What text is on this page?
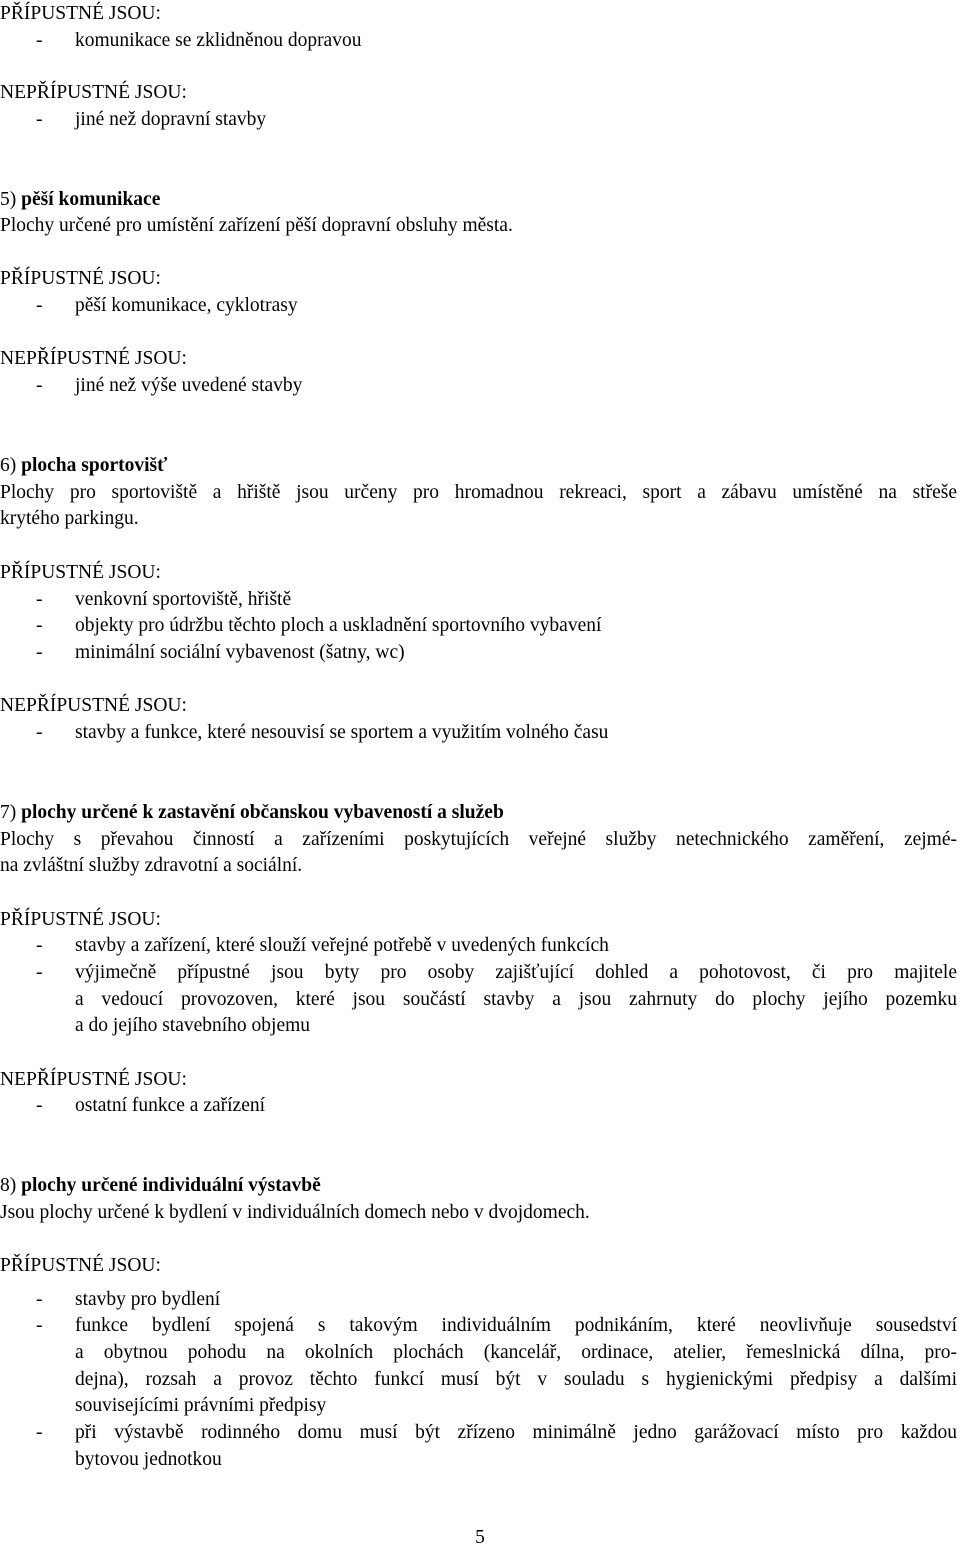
PŘÍPUSTNÉ JSOU:
- komunikace se zklidněnou dopravou
NEPŘÍPUSTNÉ JSOU:
- jiné než dopravní stavby
5) pěší komunikace
Plochy určené pro umístění zařízení pěší dopravní obsluhy města.
PŘÍPUSTNÉ JSOU:
- pěší komunikace, cyklotrasy
NEPŘÍPUSTNÉ JSOU:
- jiné než výše uvedené stavby
6) plocha sportovišť
Plochy pro sportoviště a hřiště jsou určeny pro hromadnou rekreaci, sport a zábavu umístěné na střeše
krytého parkingu.
PŘÍPUSTNÉ JSOU:
- venkovní sportoviště, hřiště
- objekty pro údržbu těchto ploch a uskladnění sportovního vybavení
- minimální sociální vybavenost (šatny, wc)
NEPŘÍPUSTNÉ JSOU:
- stavby a funkce, které nesouvisí se sportem a využitím volného času
7) plochy určené k zastavění občanskou vybaveností a služeb
Plochy s převahou činností a zařízeními poskytujících veřejné služby netechnického zaměření, zejmé-
na zvláštní služby zdravotní a sociální.
PŘÍPUSTNÉ JSOU:
- stavby a zařízení, které slouží veřejné potřebě v uvedených funkcích
- výjimečně přípustné jsou byty pro osoby zajišťující dohled a pohotovost, či pro majitele
a vedoucí provozoven, které jsou součástí stavby a jsou zahrnuty do plochy jejího pozemku
a do jejího stavebního objemu
NEPŘÍPUSTNÉ JSOU:
- ostatní funkce a zařízení
8) plochy určené individuální výstavbě
Jsou plochy určené k bydlení v individuálních domech nebo v dvojdomech.
PŘÍPUSTNÉ JSOU:
- stavby pro bydlení
- funkce bydlení spojená s takovým individuálním podnikáním, které neovlivňuje sousedství
a obytnou pohodu na okolních plochách (kancelář, ordinace, atelier, řemeslnická dílna, pro-
dejna), rozsah a provoz těchto funkcí musí být v souladu s hygienickými předpisy a dalšími
souvisejícími právními předpisy
- při výstavbě rodinného domu musí být zřízeno minimálně jedno garážovací místo pro každou
bytovou jednotkou
5
